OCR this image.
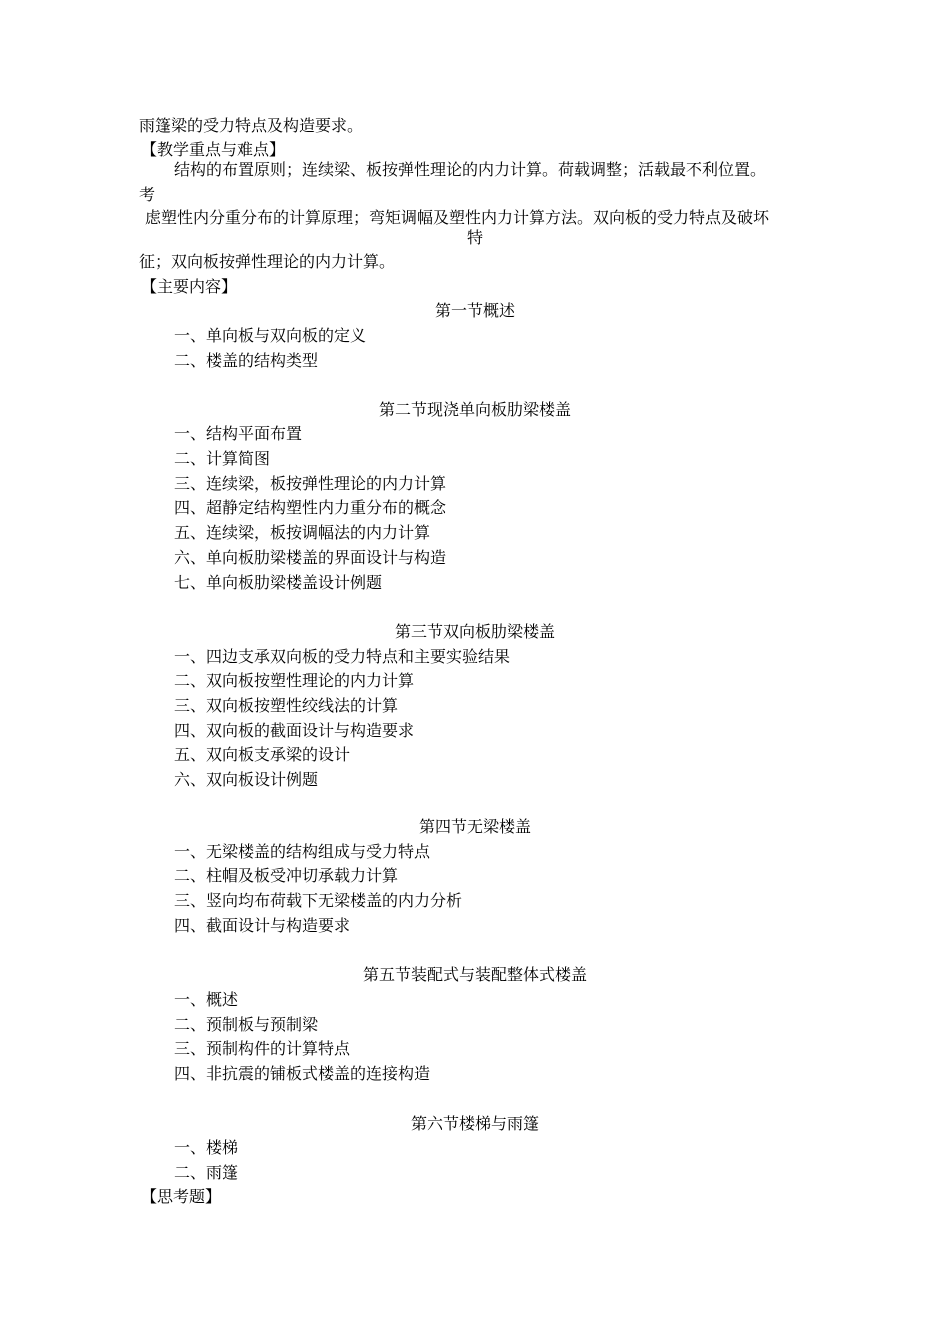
雨篷梁的受力特点及构造要求。
【教学重点与难点】
结构的布置原则；连续梁、板按弹性理论的内力计算。荷载调整；活载最不利位置。
考
虑塑性内分重分布的计算原理；弯矩调幅及塑性内力计算方法。双向板的受力特点及破坏
特
征；双向板按弹性理论的内力计算。
【主要内容】
第一节概述
一、单向板与双向板的定义
二、楼盖的结构类型
第二节现浇单向板肋梁楼盖
一、结构平面布置
二、计算简图
三、连续梁，板按弹性理论的内力计算
四、超静定结构塑性内力重分布的概念
五、连续梁，板按调幅法的内力计算
六、单向板肋梁楼盖的界面设计与构造
七、单向板肋梁楼盖设计例题
第三节双向板肋梁楼盖
一、四边支承双向板的受力特点和主要实验结果
二、双向板按塑性理论的内力计算
三、双向板按塑性绞线法的计算
四、双向板的截面设计与构造要求
五、双向板支承梁的设计
六、双向板设计例题
第四节无梁楼盖
一、无梁楼盖的结构组成与受力特点
二、柱帽及板受冲切承载力计算
三、竖向均布荷载下无梁楼盖的内力分析
四、截面设计与构造要求
第五节装配式与装配整体式楼盖
一、概述
二、预制板与预制梁
三、预制构件的计算特点
四、非抗震的铺板式楼盖的连接构造
第六节楼梯与雨篷
一、楼梯
二、雨篷
【思考题】
